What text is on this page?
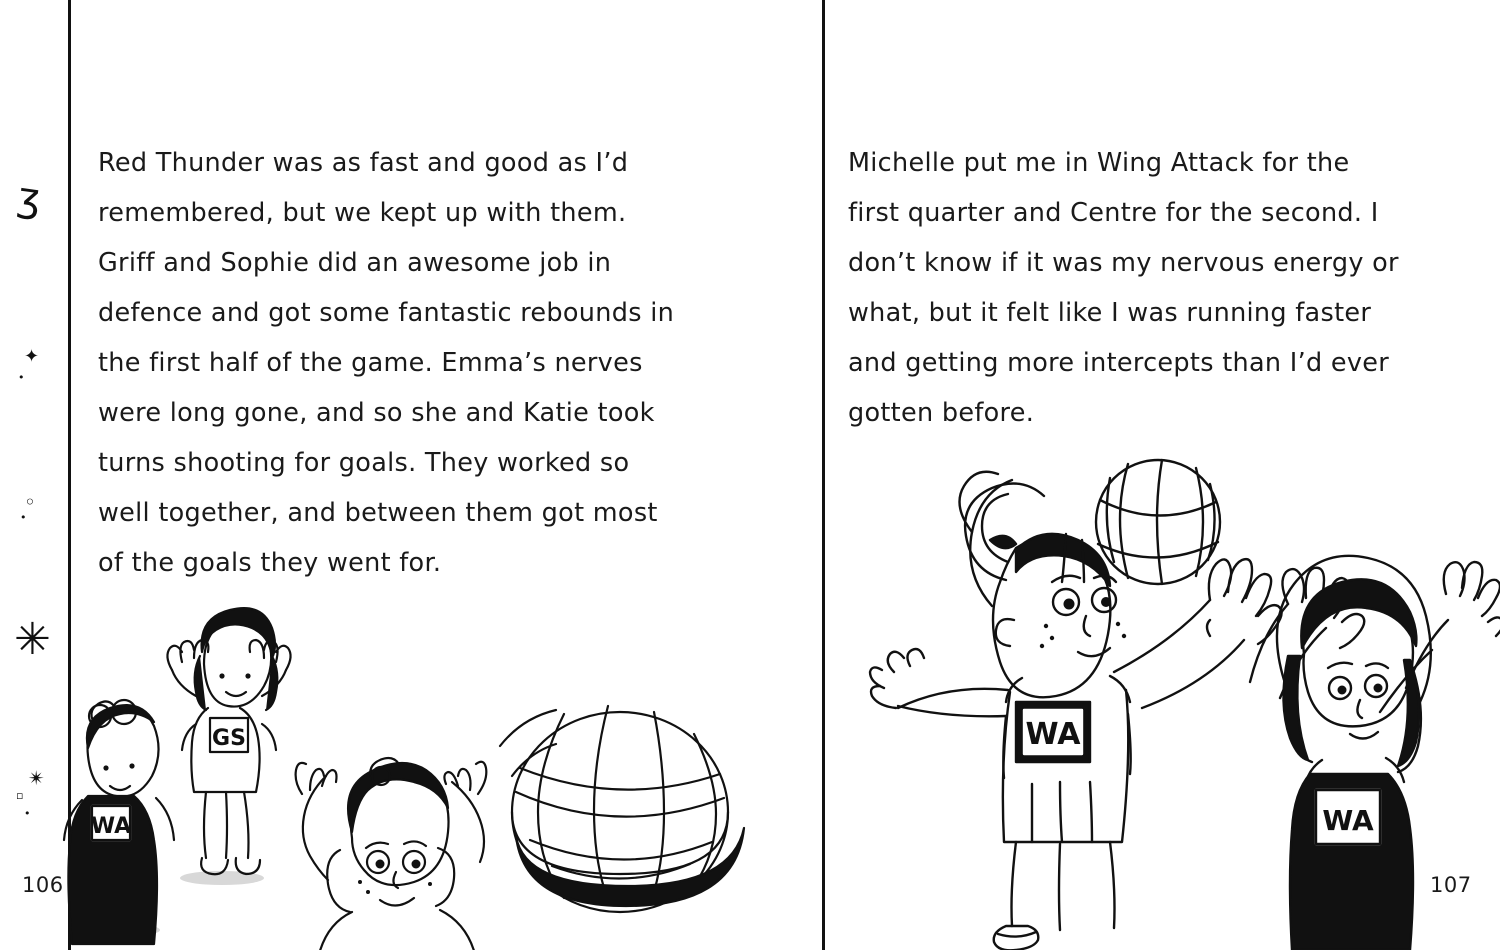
Red Thunder was as fast and good as I’d remembered, but we kept up with them. Griff and Sophie did an awesome job in defence and got some fantastic rebounds in the first half of the game. Emma’s nerves were long gone, and so she and Katie took turns shooting for goals. They worked so well together, and between them got most of the goals they went for.
106
ʒ
✦
•
◦
•
✳
✴
▫
•
GS
WA
Michelle put me in Wing Attack for the first quarter and Centre for the second. I don’t know if it was my nervous energy or what, but it felt like I was running faster and getting more intercepts than I’d ever gotten before.
107
WA
WA
